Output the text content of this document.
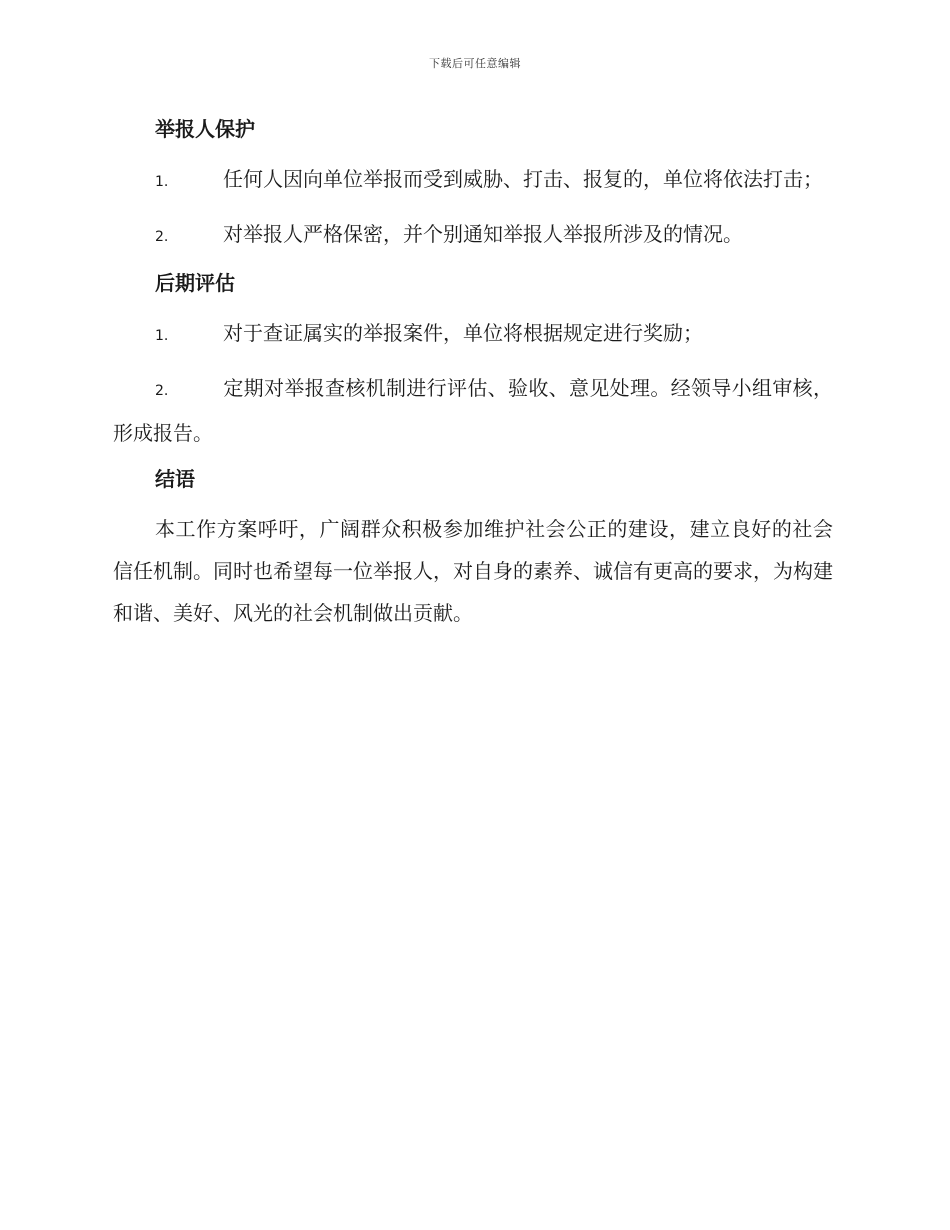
下载后可任意编辑
举报人保护

1.	任何人因向单位举报而受到威胁、打击、报复的，单位将依法打击；

2.	对举报人严格保密，并个别通知举报人举报所涉及的情况。

后期评估

1.	对于查证属实的举报案件，单位将根据规定进行奖励；

2.	定期对举报查核机制进行评估、验收、意见处理。经领导小组审核，形成报告。

结语

本工作方案呼吁，广阔群众积极参加维护社会公正的建设，建立良好的社会信任机制。同时也希望每一位举报人，对自身的素养、诚信有更高的要求，为构建和谐、美好、风光的社会机制做出贡献。
